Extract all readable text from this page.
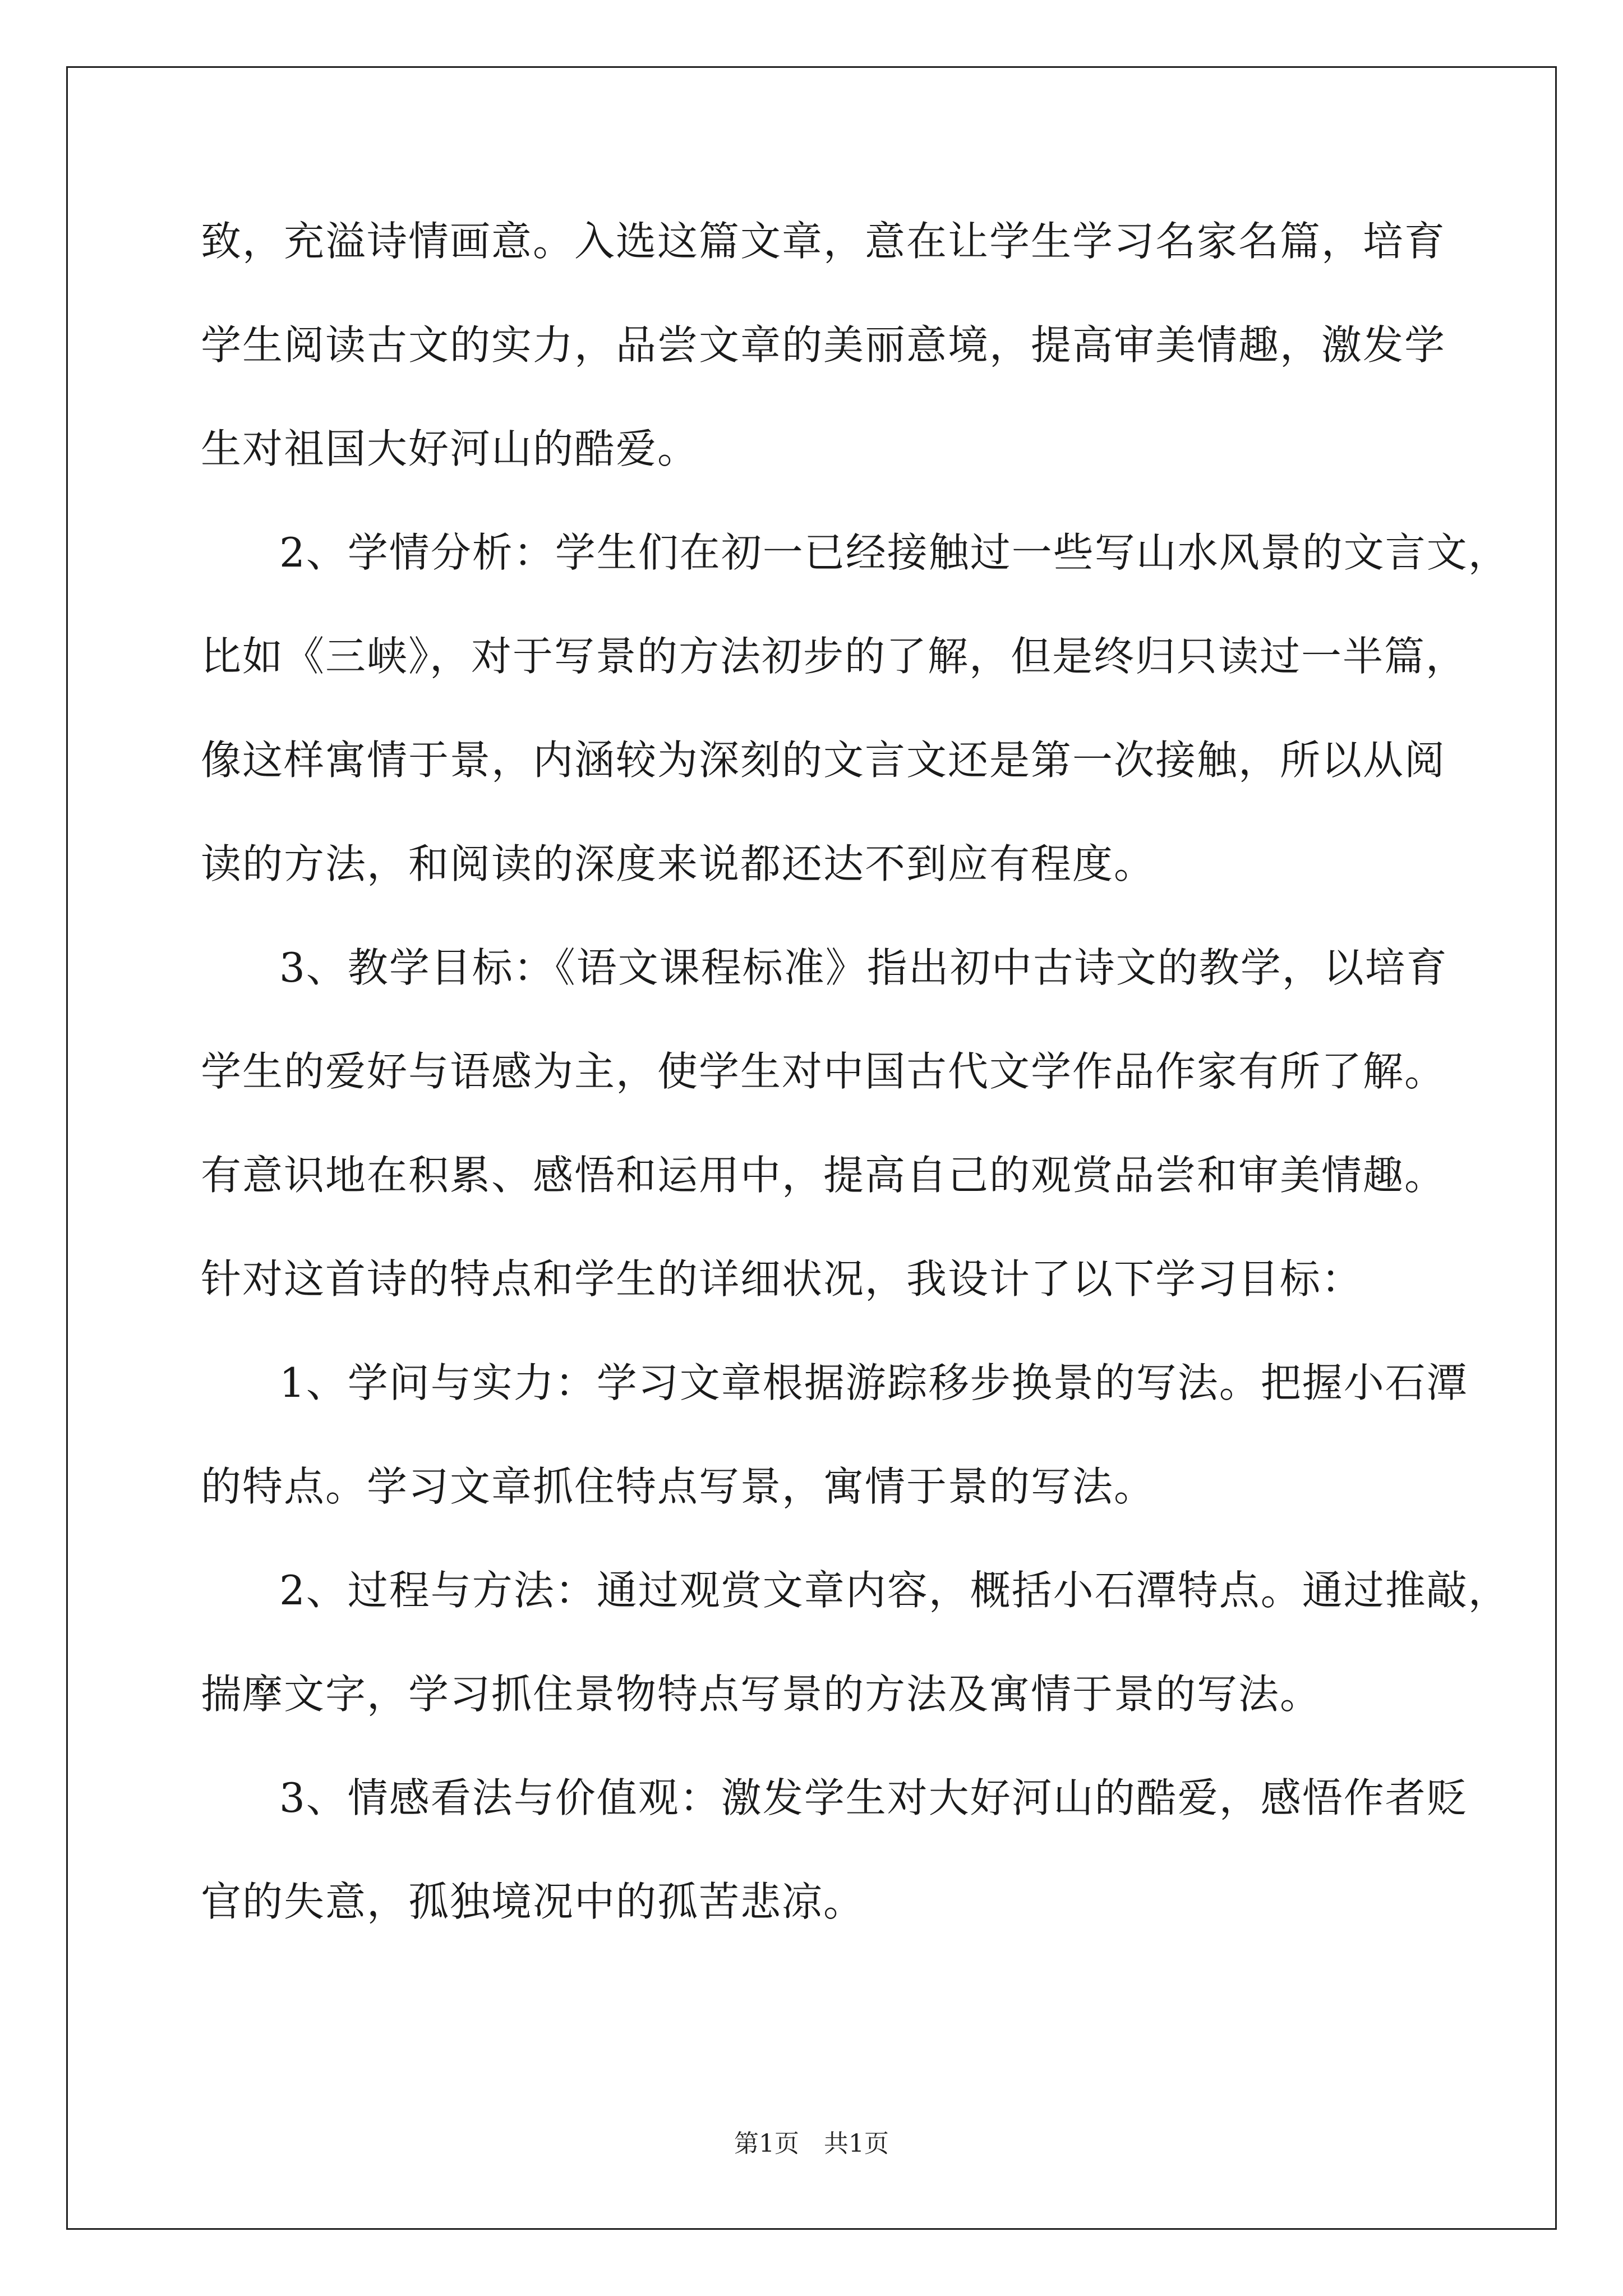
致，充溢诗情画意。入选这篇文章，意在让学生学习名家名篇，培育
学生阅读古文的实力，品尝文章的美丽意境，提高审美情趣，激发学
生对祖国大好河山的酷爱。
2、学情分析：学生们在初一已经接触过一些写山水风景的文言文，
比如《三峡》，对于写景的方法初步的了解，但是终归只读过一半篇，
像这样寓情于景，内涵较为深刻的文言文还是第一次接触，所以从阅
读的方法，和阅读的深度来说都还达不到应有程度。
3、教学目标：《语文课程标准》指出初中古诗文的教学，以培育
学生的爱好与语感为主，使学生对中国古代文学作品作家有所了解。
有意识地在积累、感悟和运用中，提高自己的观赏品尝和审美情趣。
针对这首诗的特点和学生的详细状况，我设计了以下学习目标：
1、学问与实力：学习文章根据游踪移步换景的写法。把握小石潭
的特点。学习文章抓住特点写景，寓情于景的写法。
2、过程与方法：通过观赏文章内容，概括小石潭特点。通过推敲，
揣摩文字，学习抓住景物特点写景的方法及寓情于景的写法。
3、情感看法与价值观：激发学生对大好河山的酷爱，感悟作者贬
官的失意，孤独境况中的孤苦悲凉。
第1页　共1页
